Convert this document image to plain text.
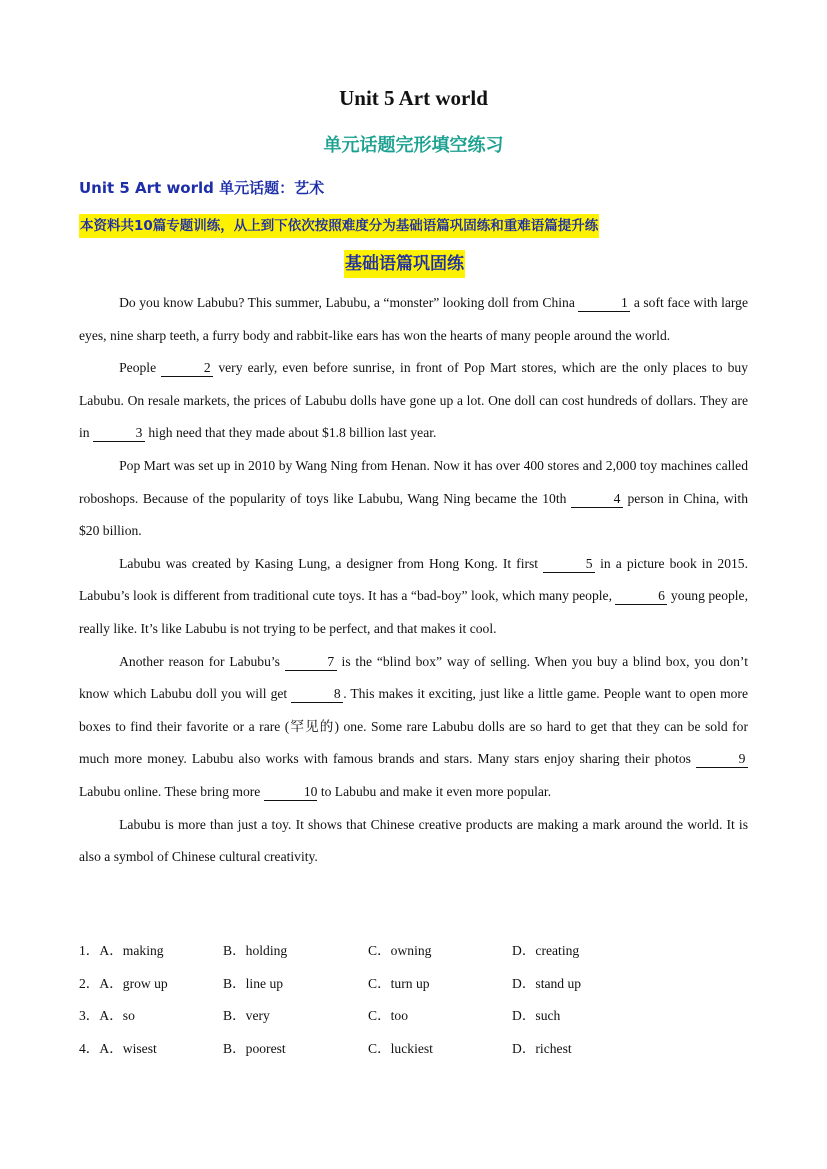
Unit 5 Art world
单元话题完形填空练习
Unit 5 Art world 单元话题：艺术
本资料共10篇专题训练，从上到下依次按照难度分为基础语篇巩固练和重难语篇提升练
基础语篇巩固练

Do you know Labubu? This summer, Labubu, a “monster” looking doll from China	1 a soft face with large eyes, nine sharp teeth, a furry body and rabbit-like ears has won the hearts of many people around the world.

People	2 very early, even before sunrise, in front of Pop Mart stores, which are the only places to buy Labubu. On resale markets, the prices of Labubu dolls have gone up a lot. One doll can cost hundreds of dollars. They are in	3 high need that they made about $1.8 billion last year.

Pop Mart was set up in 2010 by Wang Ning from Henan. Now it has over 400 stores and 2,000 toy machines called roboshops. Because of the popularity of toys like Labubu, Wang Ning became the 10th	4 person in China, with $20 billion.

Labubu was created by Kasing Lung, a designer from Hong Kong. It first	5 in a picture book in 2015. Labubu’s look is different from traditional cute toys. It has a “bad-boy” look, which many people,	6 young people, really like. It’s like Labubu is not trying to be perfect, and that makes it cool.

Another reason for Labubu’s	7 is the “blind box” way of selling. When you buy a blind box, you don’t know which Labubu doll you will get	8 . This makes it exciting, just like a little game. People want to open more boxes to find their favorite or a rare (罕见的) one. Some rare Labubu dolls are so hard to get that they can be sold for much more money. Labubu also works with famous brands and stars. Many stars enjoy sharing their photos	9 Labubu online. These bring more	10 to Labubu and make it even more popular.

Labubu is more than just a toy. It shows that Chinese creative products are making a mark around the world. It is also a symbol of Chinese cultural creativity.

1．A．making	B．holding	C．owning	D．creating
2．A．grow up	B．line up	C．turn up	D．stand up
3．A．so	B．very	C．too	D．such
4．A．wisest	B．poorest	C．luckiest	D．richest
